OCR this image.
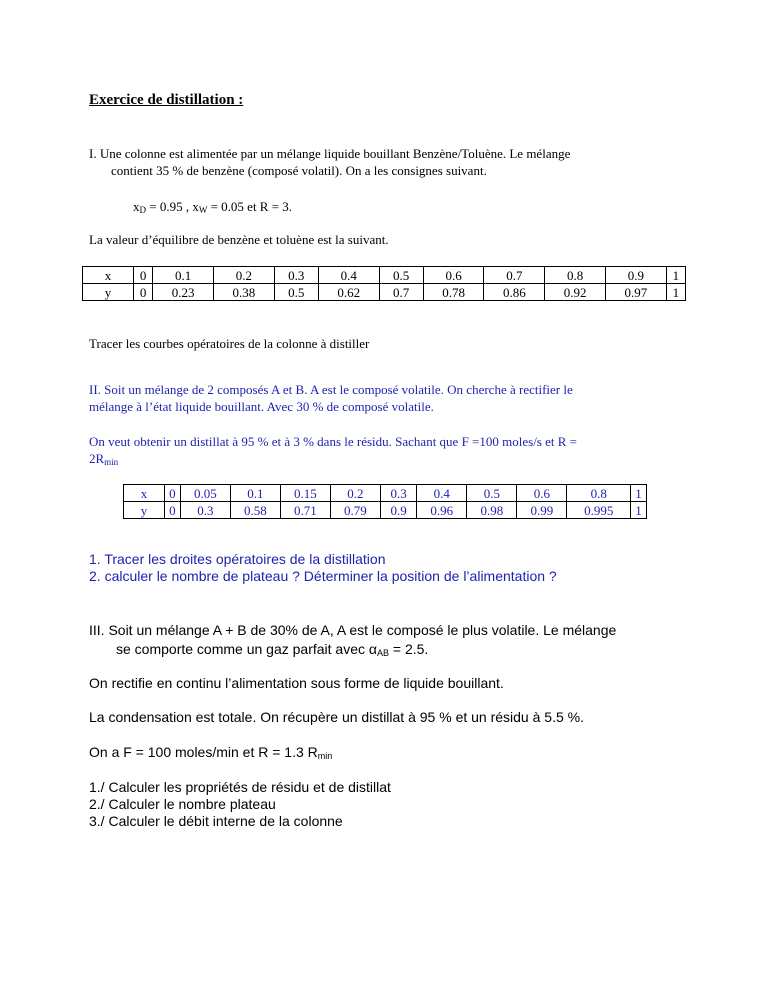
Exercice de distillation :
I. Une colonne est alimentée par un mélange liquide bouillant Benzène/Toluène. Le mélange
contient 35 % de benzène (composé volatil). On a les consignes suivant.
$x_D = 0.95$ , $x_W = 0.05$ et R = 3.
La valeur d’équilibre de benzène et toluène est la suivant.
x	0	0.1	0.2	0.3	0.4	0.5	0.6	0.7	0.8	0.9	1
y	0	0.23	0.38	0.5	0.62	0.7	0.78	0.86	0.92	0.97	1
Tracer les courbes opératoires de la colonne à distiller
II. Soit un mélange de 2 composés A et B. A est le composé volatile. On cherche à rectifier le
mélange à l’état liquide bouillant. Avec 30 % de composé volatile.
On veut obtenir un distillat à 95 % et à 3 % dans le résidu. Sachant que F =100 moles/s et R =
$2R_{min}$
x	0	0.05	0.1	0.15	0.2	0.3	0.4	0.5	0.6	0.8	1
y	0	0.3	0.58	0.71	0.79	0.9	0.96	0.98	0.99	0.995	1
1. Tracer les droites opératoires de la distillation
2. calculer le nombre de plateau ? Déterminer la position de l’alimentation ?
III. Soit un mélange A + B de 30% de A, A est le composé le plus volatile. Le mélange
se comporte comme un gaz parfait avec $\alpha_{AB} = 2.5$.
On rectifie en continu l’alimentation sous forme de liquide bouillant.
La condensation est totale. On récupère un distillat à 95 % et un résidu à 5.5 %.
On a F = 100 moles/min et R = 1.3 $R_{min}$
1./ Calculer les propriétés de résidu et de distillat
2./ Calculer le nombre plateau
3./ Calculer le débit interne de la colonne
